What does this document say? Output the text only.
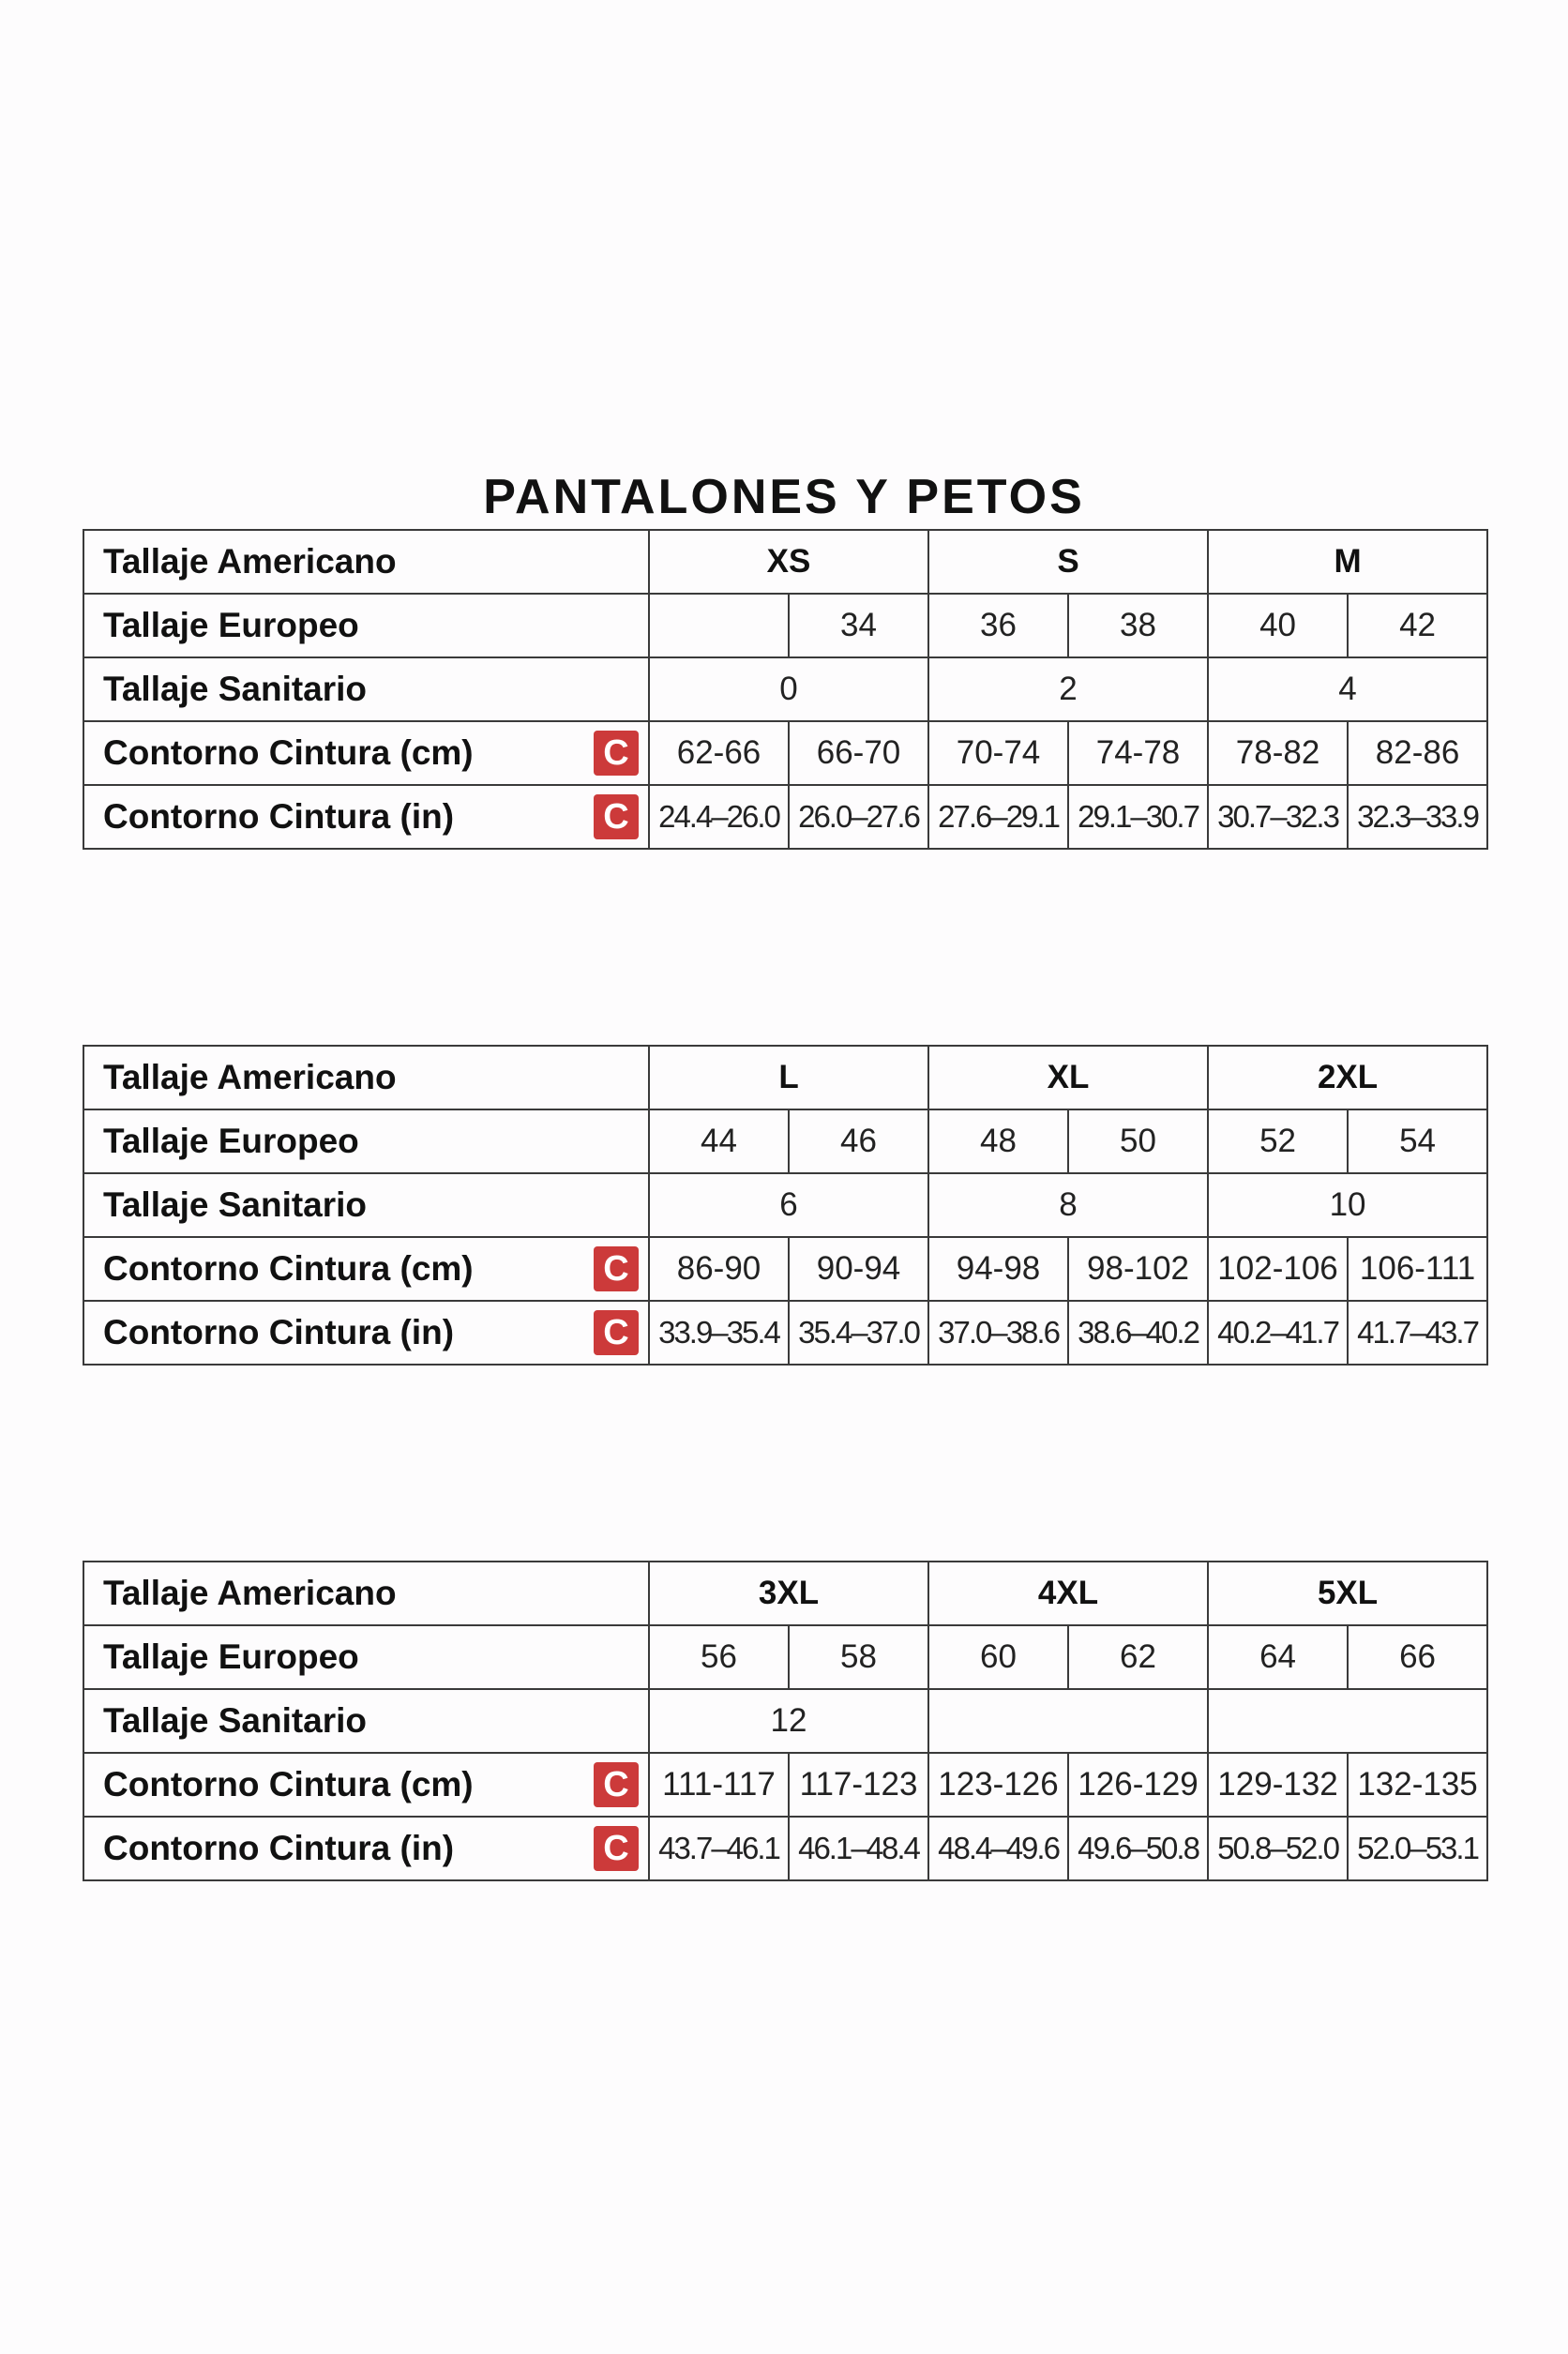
PANTALONES Y PETOS
Tallaje Americano	XS		S		M	
Tallaje Europeo		34	36	38	40	42
Tallaje Sanitario	0		2		4	
Contorno Cintura (cm) C	62-66	66-70	70-74	74-78	78-82	82-86
Contorno Cintura (in) C	24.4–26.0	26.0–27.6	27.6–29.1	29.1–30.7	30.7–32.3	32.3–33.9
Tallaje Americano	L		XL		2XL	
Tallaje Europeo	44	46	48	50	52	54
Tallaje Sanitario	6		8		10	
Contorno Cintura (cm) C	86-90	90-94	94-98	98-102	102-106	106-111
Contorno Cintura (in) C	33.9–35.4	35.4–37.0	37.0–38.6	38.6–40.2	40.2–41.7	41.7–43.7
Tallaje Americano	3XL		4XL		5XL	
Tallaje Europeo	56	58	60	62	64	66
Tallaje Sanitario	12					
Contorno Cintura (cm) C	111-117	117-123	123-126	126-129	129-132	132-135
Contorno Cintura (in) C	43.7–46.1	46.1–48.4	48.4–49.6	49.6–50.8	50.8–52.0	52.0–53.1
